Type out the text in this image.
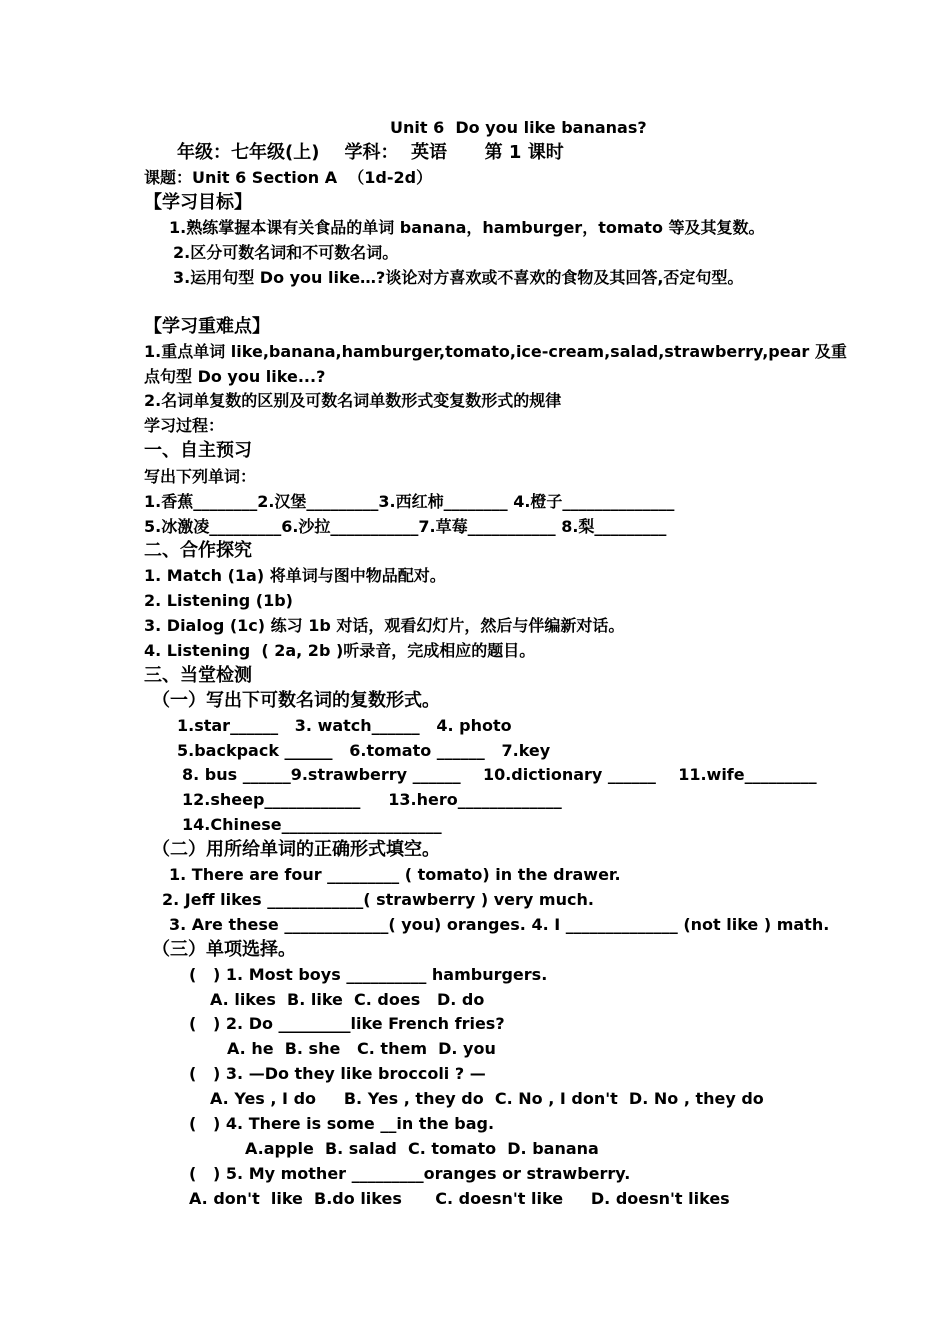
Unit 6  Do you like bananas?
年级：七年级(上)    学科：  英语      第 1 课时
课题：Unit 6 Section A  （1d-2d）
【学习目标】
1.熟练掌握本课有关食品的单词 banana，hamburger，tomato 等及其复数。
2.区分可数名词和不可数名词。
3.运用句型 Do you like…?谈论对方喜欢或不喜欢的食物及其回答,否定句型。
【学习重难点】
1.重点单词 like,banana,hamburger,tomato,ice-cream,salad,strawberry,pear 及重
点句型 Do you like...?
2.名词单复数的区别及可数名词单数形式变复数形式的规律
学习过程：
一、自主预习
写出下列单词：
1.香蕉________2.汉堡_________3.西红柿________ 4.橙子______________
5.冰激凌_________6.沙拉___________7.草莓___________ 8.梨_________
二、合作探究
1. Match (1a) 将单词与图中物品配对。
2. Listening (1b)
3. Dialog (1c) 练习 1b 对话，观看幻灯片，然后与伴编新对话。
4. Listening  ( 2a, 2b )听录音，完成相应的题目。
三、当堂检测
（一）写出下可数名词的复数形式。
1.star______   3. watch______   4. photo
5.backpack ______   6.tomato ______   7.key
8. bus ______9.strawberry ______    10.dictionary ______    11.wife_________
12.sheep____________     13.hero_____________
14.Chinese____________________
（二）用所给单词的正确形式填空。
1. There are four _________ ( tomato) in the drawer.
2. Jeff likes ____________( strawberry ) very much.
3. Are these _____________( you) oranges. 4. I ______________ (not like ) math.
（三）单项选择。
(   ) 1. Most boys __________ hamburgers.
A. likes  B. like  C. does   D. do
(   ) 2. Do _________like French fries?
A. he  B. she   C. them  D. you
(   ) 3. —Do they like broccoli ? —
A. Yes , I do     B. Yes , they do  C. No , I don't  D. No , they do
(   ) 4. There is some __in the bag.
A.apple  B. salad  C. tomato  D. banana
(   ) 5. My mother _________oranges or strawberry.
A. don't  like  B.do likes      C. doesn't like     D. doesn't likes
